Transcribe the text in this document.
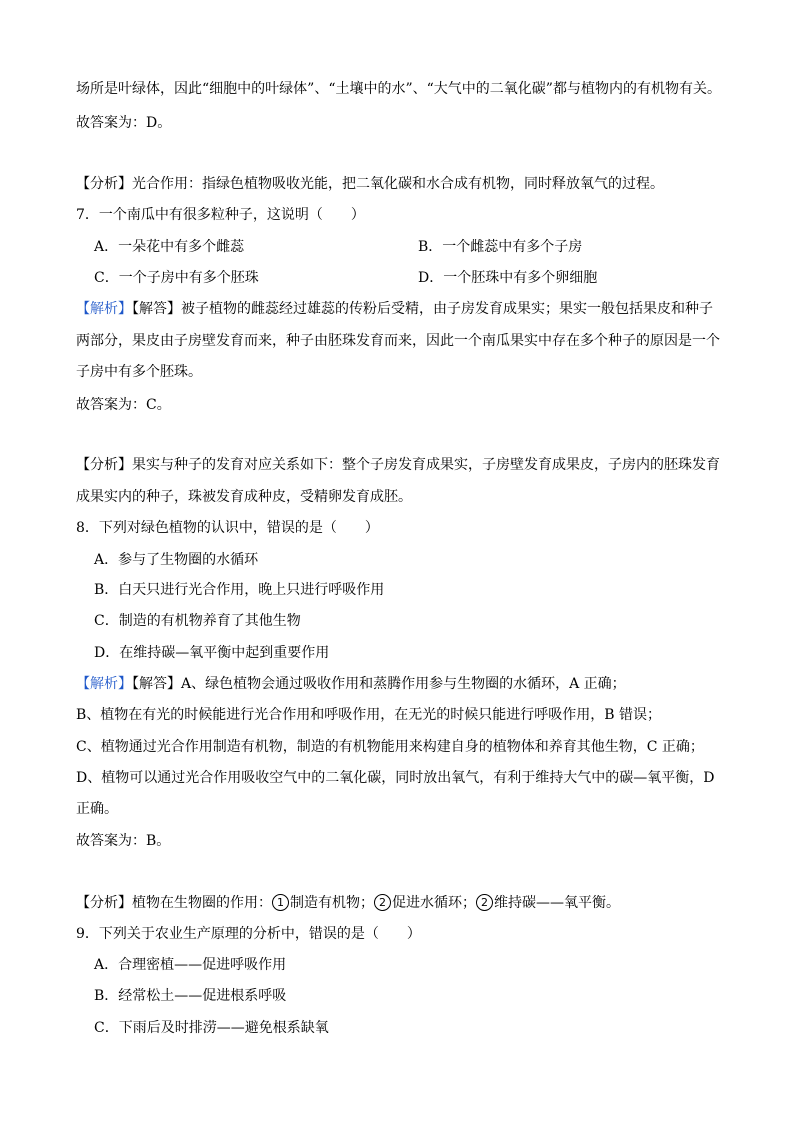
场所是叶绿体，因此“细胞中的叶绿体”、“土壤中的水”、“大气中的二氧化碳”都与植物内的有机物有关。
故答案为：D。
【分析】光合作用：指绿色植物吸收光能，把二氧化碳和水合成有机物，同时释放氧气的过程。
7．一个南瓜中有很多粒种子，这说明（　　）
A．一朵花中有多个雌蕊	B．一个雌蕊中有多个子房
C．一个子房中有多个胚珠	D．一个胚珠中有多个卵细胞
【解析】【解答】被子植物的雌蕊经过雄蕊的传粉后受精，由子房发育成果实；果实一般包括果皮和种子
两部分，果皮由子房壁发育而来，种子由胚珠发育而来，因此一个南瓜果实中存在多个种子的原因是一个
子房中有多个胚珠。
故答案为：C。
【分析】果实与种子的发育对应关系如下：整个子房发育成果实，子房壁发育成果皮，子房内的胚珠发育
成果实内的种子，珠被发育成种皮，受精卵发育成胚。
8．下列对绿色植物的认识中，错误的是（　　）
A．参与了生物圈的水循环
B．白天只进行光合作用，晚上只进行呼吸作用
C．制造的有机物养育了其他生物
D．在维持碳—氧平衡中起到重要作用
【解析】【解答】A、绿色植物会通过吸收作用和蒸腾作用参与生物圈的水循环，A 正确；
B、植物在有光的时候能进行光合作用和呼吸作用，在无光的时候只能进行呼吸作用，B 错误；
C、植物通过光合作用制造有机物，制造的有机物能用来构建自身的植物体和养育其他生物，C 正确；
D、植物可以通过光合作用吸收空气中的二氧化碳，同时放出氧气，有利于维持大气中的碳—氧平衡，D
正确。
故答案为：B。
【分析】植物在生物圈的作用： 1 制造有机物； 2 促进水循环； 2 维持碳——氧平衡。
9．下列关于农业生产原理的分析中，错误的是（　　）
A．合理密植——促进呼吸作用
B．经常松土——促进根系呼吸
C．下雨后及时排涝——避免根系缺氧
